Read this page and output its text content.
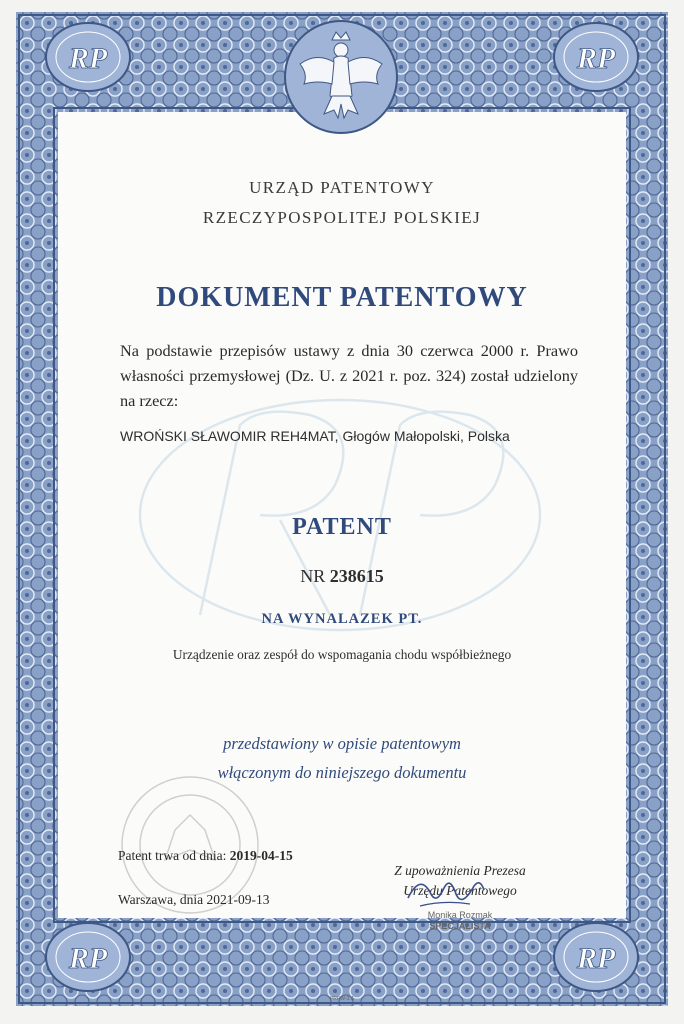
RP	RP
RP	RP
URZĄD PATENTOWY
RZECZYPOSPOLITEJ POLSKIEJ
DOKUMENT PATENTOWY
Na podstawie przepisów ustawy z dnia 30 czerwca 2000 r. Prawo własności przemysłowej (Dz. U. z 2021 r. poz. 324) został udzielony na rzecz:
WROŃSKI SŁAWOMIR REH4MAT, Głogów Małopolski, Polska
PATENT
NR 238615
NA WYNALAZEK PT.
Urządzenie oraz zespół do wspomagania chodu współbieżnego
przedstawiony w opisie patentowym
włączonym do niniejszego dokumentu
Patent trwa od dnia: 2019-04-15
Warszawa, dnia 2021-09-13
Z upoważnienia Prezesa
Urzędu Patentowego
Monika Rozmak
SPECJALISTA
PRPW-3.A
